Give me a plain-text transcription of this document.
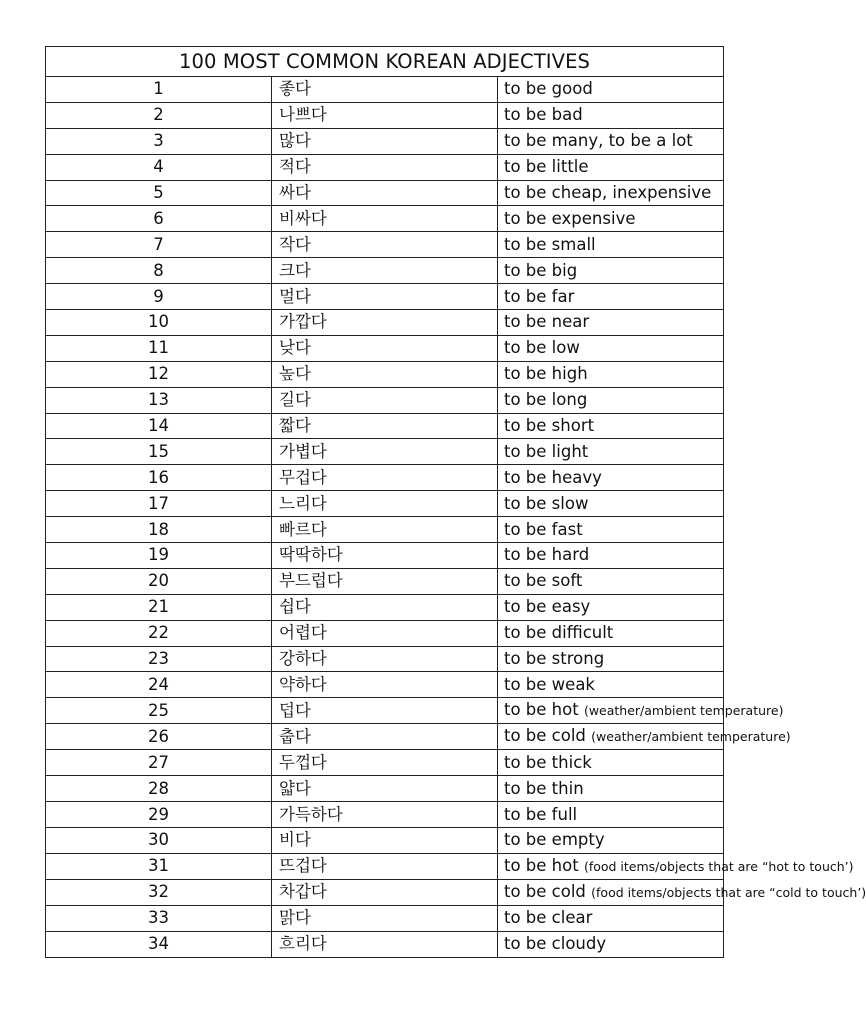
100 MOST COMMON KOREAN ADJECTIVES		
1	좋다	to be good
2	나쁘다	to be bad
3	많다	to be many, to be a lot
4	적다	to be little
5	싸다	to be cheap, inexpensive
6	비싸다	to be expensive
7	작다	to be small
8	크다	to be big
9	멀다	to be far
10	가깝다	to be near
11	낮다	to be low
12	높다	to be high
13	길다	to be long
14	짧다	to be short
15	가볍다	to be light
16	무겁다	to be heavy
17	느리다	to be slow
18	빠르다	to be fast
19	딱딱하다	to be hard
20	부드럽다	to be soft
21	쉽다	to be easy
22	어렵다	to be difficult
23	강하다	to be strong
24	약하다	to be weak
25	덥다	to be hot (weather/ambient temperature)
26	춥다	to be cold (weather/ambient temperature)
27	두껍다	to be thick
28	얇다	to be thin
29	가득하다	to be full
30	비다	to be empty
31	뜨겁다	to be hot (food items/objects that are “hot to touch’)
32	차갑다	to be cold (food items/objects that are “cold to touch’)
33	맑다	to be clear
34	흐리다	to be cloudy
